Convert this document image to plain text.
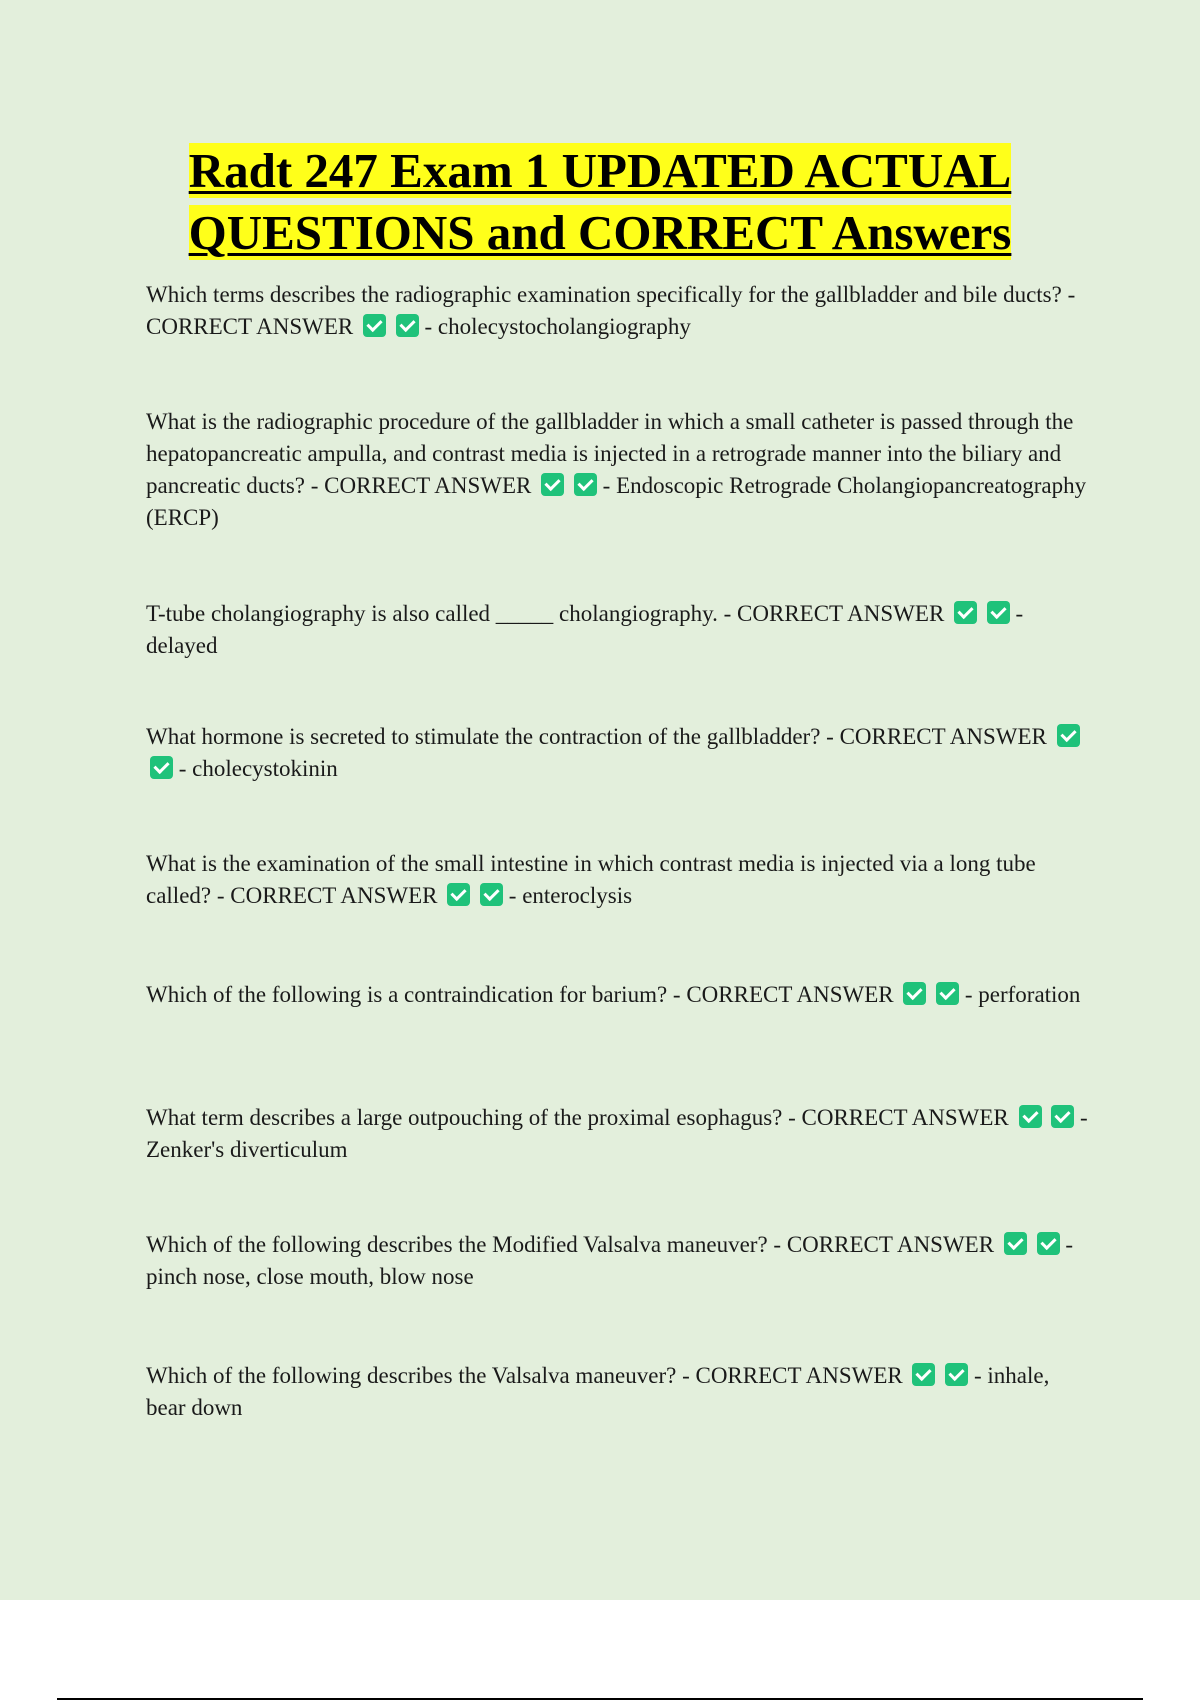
Radt 247 Exam 1 UPDATED ACTUAL
QUESTIONS and CORRECT Answers

Which terms describes the radiographic examination specifically for the gallbladder and bile ducts? - CORRECT ANSWER	- cholecystocholangiography

What is the radiographic procedure of the gallbladder in which a small catheter is passed through the hepatopancreatic ampulla, and contrast media is injected in a retrograde manner into the biliary and pancreatic ducts? - CORRECT ANSWER	- Endoscopic Retrograde Cholangiopancreatography (ERCP)

T-tube cholangiography is also called _____ cholangiography. - CORRECT ANSWER	- delayed

What hormone is secreted to stimulate the contraction of the gallbladder? - CORRECT ANSWER   - cholecystokinin

What is the examination of the small intestine in which contrast media is injected via a long tube called? - CORRECT ANSWER	- enteroclysis

Which of the following is a contraindication for barium? - CORRECT ANSWER	- perforation

What term describes a large outpouching of the proximal esophagus? - CORRECT ANSWER	- Zenker's diverticulum

Which of the following describes the Modified Valsalva maneuver? - CORRECT ANSWER	- pinch nose, close mouth, blow nose

Which of the following describes the Valsalva maneuver? - CORRECT ANSWER	- inhale, bear down
